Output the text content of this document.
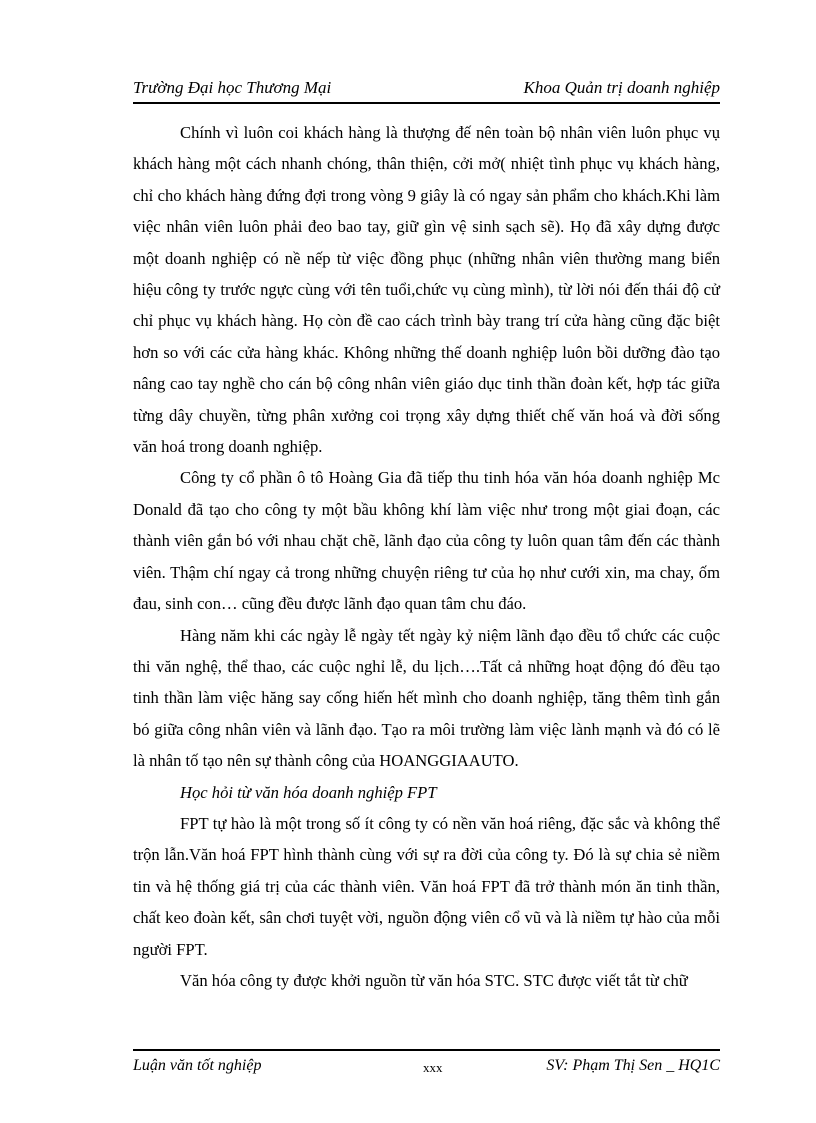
Trường Đại học Thương Mại	Khoa Quản trị doanh nghiệp

Chính vì luôn coi khách hàng là thượng đế nên toàn bộ nhân viên luôn phục vụ khách hàng một cách nhanh chóng, thân thiện, cởi mở( nhiệt tình phục vụ khách hàng, chỉ cho khách hàng đứng đợi trong vòng 9 giây là có ngay sản phẩm cho khách.Khi làm việc nhân viên luôn phải đeo bao tay, giữ gìn vệ sinh sạch sẽ). Họ đã xây dựng được một doanh nghiệp có nề nếp từ việc đồng phục (những nhân viên thường mang biển hiệu công ty trước ngực cùng với tên tuổi,chức vụ cùng mình), từ lời nói đến thái độ cử chỉ phục vụ khách hàng. Họ còn đề cao cách trình bày trang trí cửa hàng cũng đặc biệt hơn so với các cửa hàng khác. Không những thế doanh nghiệp luôn bồi dưỡng đào tạo nâng cao tay nghề cho cán bộ công nhân viên giáo dục tinh thần đoàn kết, hợp tác giữa từng dây chuyền, từng phân xưởng coi trọng xây dựng thiết chế văn hoá và đời sống văn hoá trong doanh nghiệp.

Công ty cổ phần ô tô Hoàng Gia đã tiếp thu tinh hóa văn hóa doanh nghiệp Mc Donald đã tạo cho công ty một bầu không khí làm việc như trong một giai đoạn, các thành viên gắn bó với nhau chặt chẽ, lãnh đạo của công ty luôn quan tâm đến các thành viên. Thậm chí ngay cả trong những chuyện riêng tư của họ như cưới xin, ma chay, ốm đau, sinh con… cũng đều được lãnh đạo quan tâm chu đáo.

Hàng năm khi các ngày lễ ngày tết ngày kỷ niệm lãnh đạo đều tổ chức các cuộc thi văn nghệ, thể thao, các cuộc nghỉ lễ, du lịch….Tất cả những hoạt động đó đều tạo tinh thần làm việc hăng say cống hiến hết mình cho doanh nghiệp, tăng thêm tình gắn bó giữa công nhân viên và lãnh đạo. Tạo ra môi trường làm việc lành mạnh và đó có lẽ là nhân tố tạo nên sự thành công của HOANGGIAAUTO.

Học hỏi từ văn hóa doanh nghiệp FPT

FPT tự hào là một trong số ít công ty có nền văn hoá riêng, đặc sắc và không thể trộn lẫn.Văn hoá FPT hình thành cùng với sự ra đời của công ty. Đó là sự chia sẻ niềm tin và hệ thống giá trị của các thành viên. Văn hoá FPT đã trở thành món ăn tinh thần, chất keo đoàn kết, sân chơi tuyệt vời, nguồn động viên cổ vũ và là niềm tự hào của mỗi người FPT.

Văn hóa công ty được khởi nguồn từ văn hóa STC. STC được viết tắt từ chữ

Luận văn tốt nghiệp	xxx	SV: Phạm Thị Sen _ HQ1C
